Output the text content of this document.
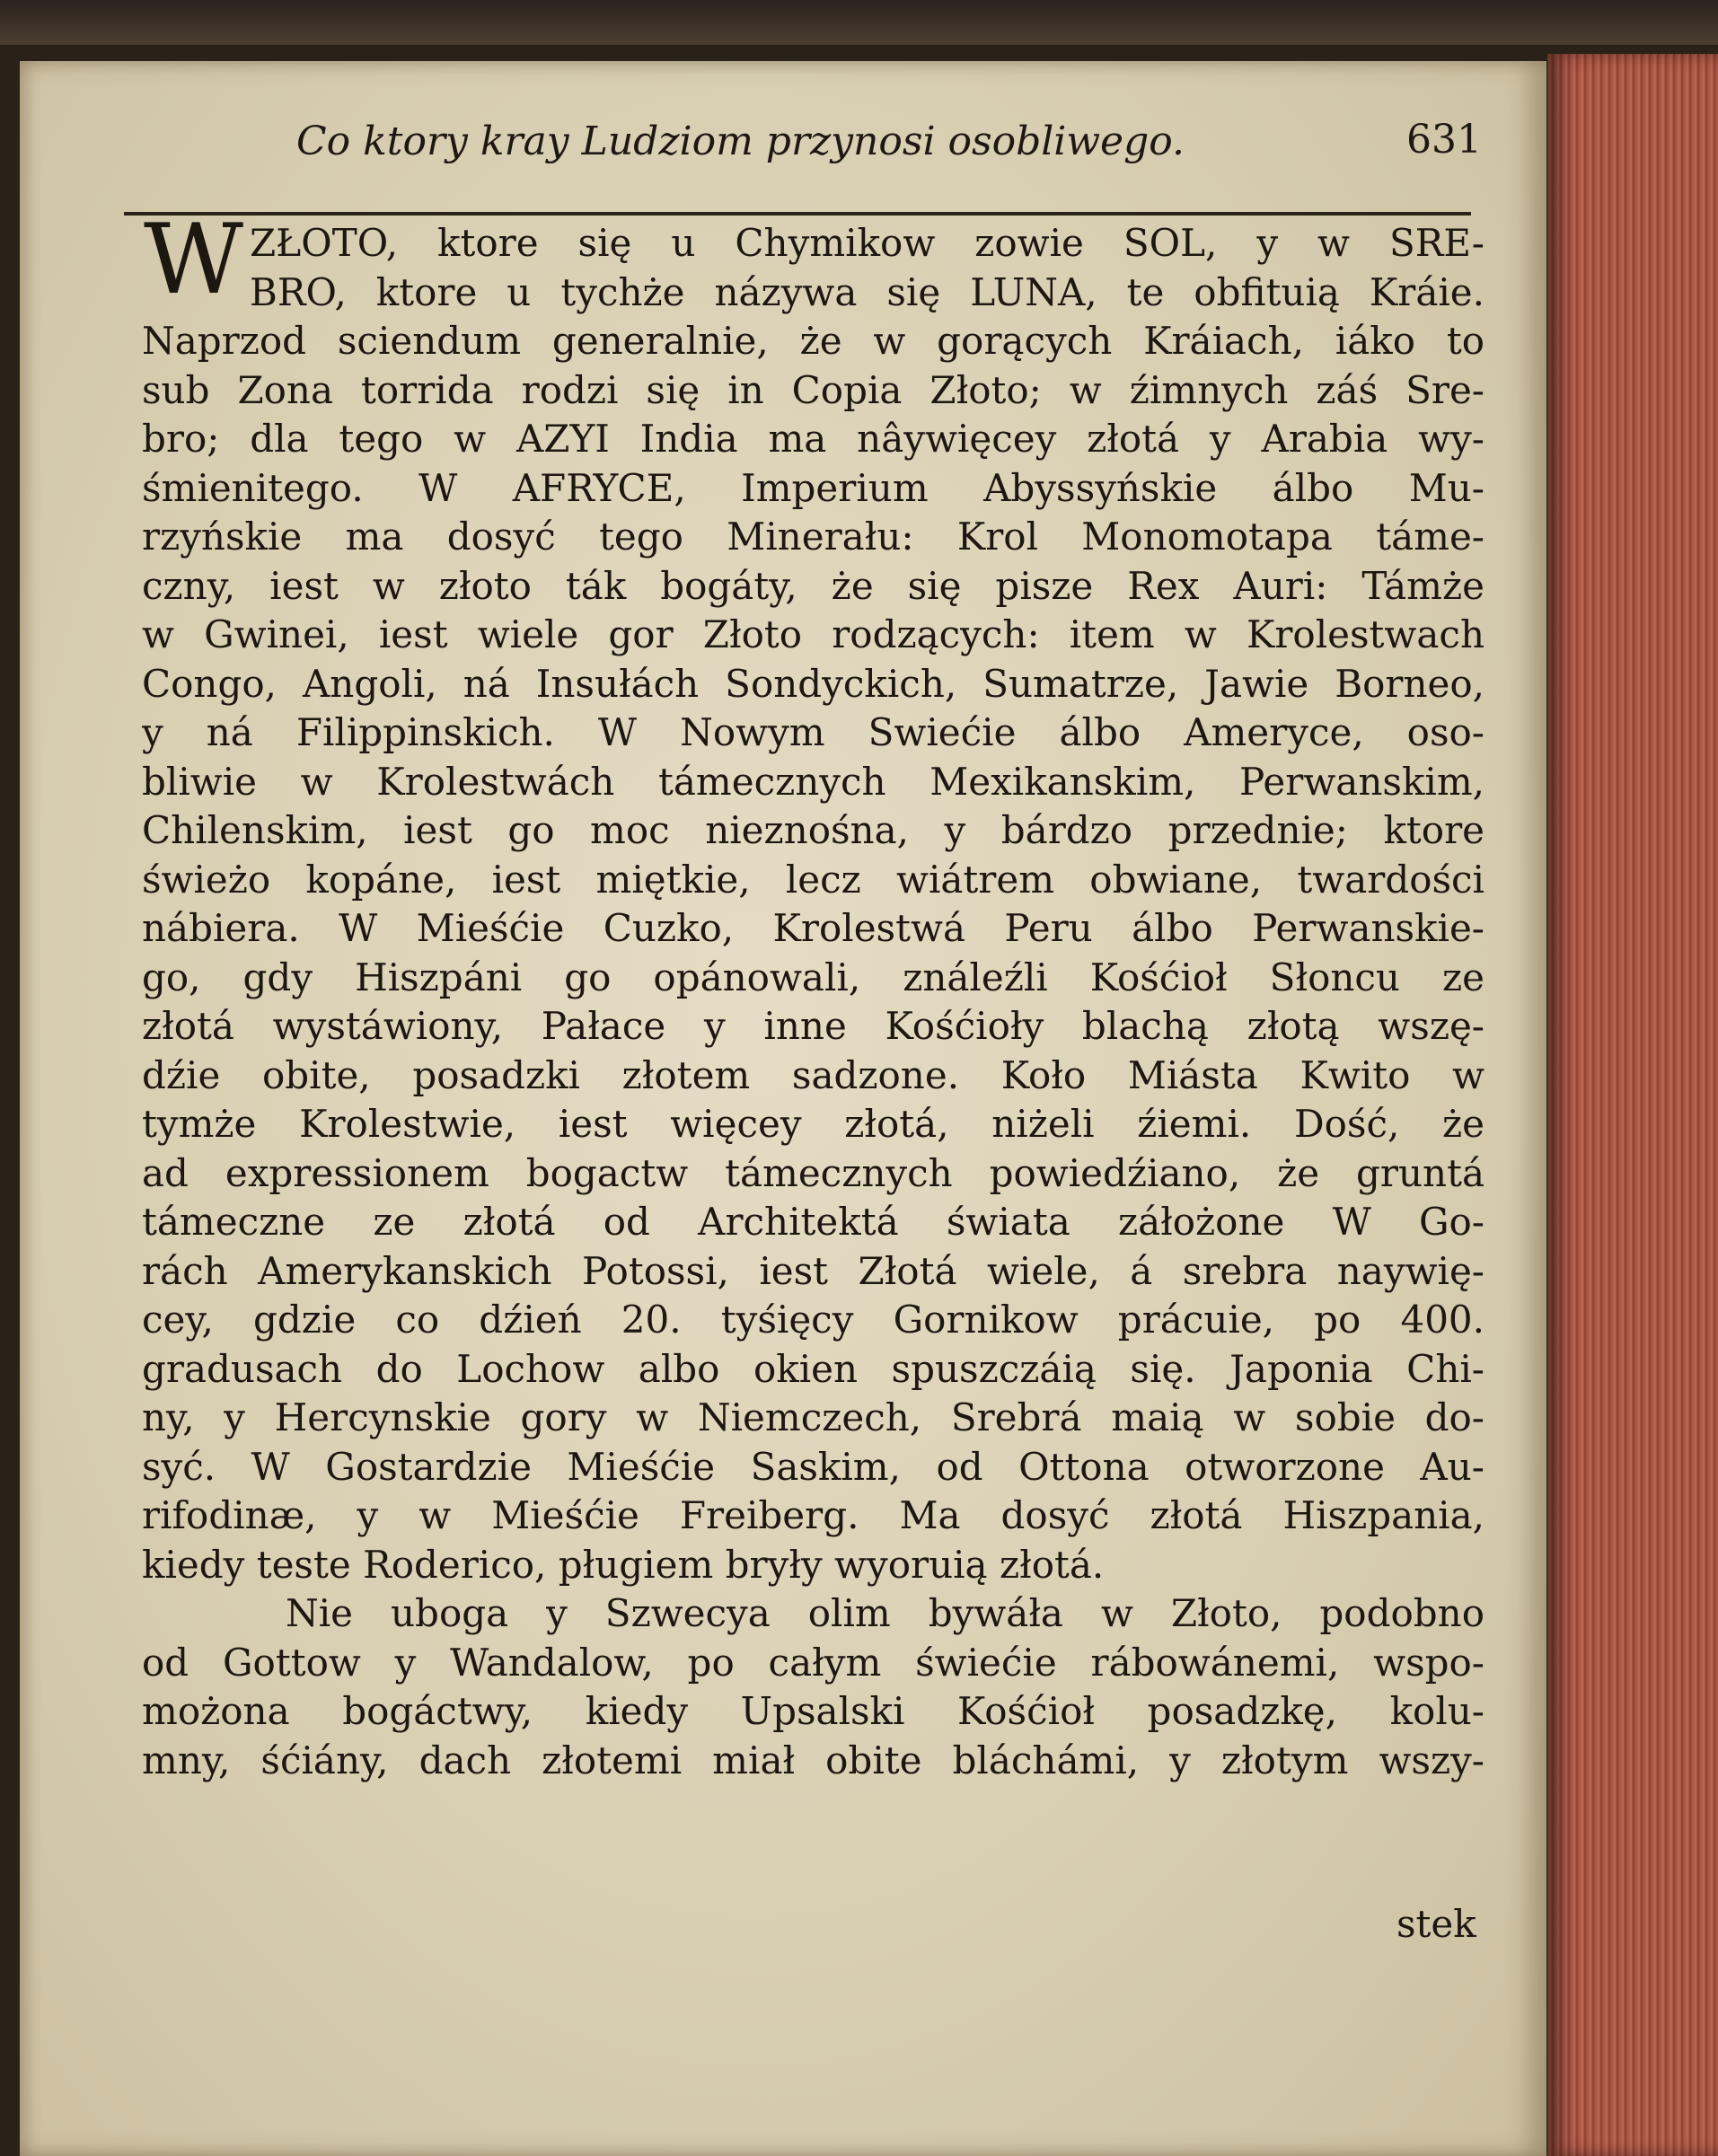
Co ktory kray Ludziom przynosi osobliwego.	631
W ZŁOTO, ktore się u Chymikow zowie SOL, y w SRE-
BRO, ktore u tychże názywa się LUNA, te obfituią Kráie.
Naprzod sciendum generalnie, że w gorących Kráiach, iáko to
sub Zona torrida rodzi się in Copia Złoto; w źimnych záś Sre-
bro; dla tego w AZYI India ma nâywięcey złotá y Arabia wy-
śmienitego. W AFRYCE, Imperium Abyssyńskie álbo Mu-
rzyńskie ma dosyć tego Minerału: Krol Monomotapa táme-
czny, iest w złoto ták bogáty, że się pisze Rex Auri: Támże
w Gwinei, iest wiele gor Złoto rodzących: item w Krolestwach
Congo, Angoli, ná Insułách Sondyckich, Sumatrze, Jawie Borneo,
y ná Filippinskich. W Nowym Swiećie álbo Ameryce, oso-
bliwie w Krolestwách támecznych Mexikanskim, Perwanskim,
Chilenskim, iest go moc nieznośna, y bárdzo przednie; ktore
świeżo kopáne, iest miętkie, lecz wiátrem obwiane, twardości
nábiera. W Mieśćie Cuzko, Krolestwá Peru álbo Perwanskie-
go, gdy Hiszpáni go opánowali, ználeźli Kośćioł Słoncu ze
złotá wystáwiony, Pałace y inne Kośćioły blachą złotą wszę-
dźie obite, posadzki złotem sadzone. Koło Miásta Kwito w
tymże Krolestwie, iest więcey złotá, niżeli źiemi. Dość, że
ad expressionem bogactw támecznych powiedźiano, że gruntá
támeczne ze złotá od Architektá świata záłożone W Go-
rách Amerykanskich Potossi, iest Złotá wiele, á srebra naywię-
cey, gdzie co dźień 20. tyśięcy Gornikow prácuie, po 400.
gradusach do Lochow albo okien spuszczáią się. Japonia Chi-
ny, y Hercynskie gory w Niemczech, Srebrá maią w sobie do-
syć. W Gostardzie Mieśćie Saskim, od Ottona otworzone Au-
rifodinæ, y w Mieśćie Freiberg. Ma dosyć złotá Hiszpania,
kiedy teste Roderico, pługiem bryły wyoruią złotá.
Nie uboga y Szwecya olim bywáła w Złoto, podobno
od Gottow y Wandalow, po całym świećie rábowánemi, wspo-
możona bogáctwy, kiedy Upsalski Kośćioł posadzkę, kolu-
mny, śćiány, dach złotemi miał obite bláchámi, y złotym wszy-
stek
